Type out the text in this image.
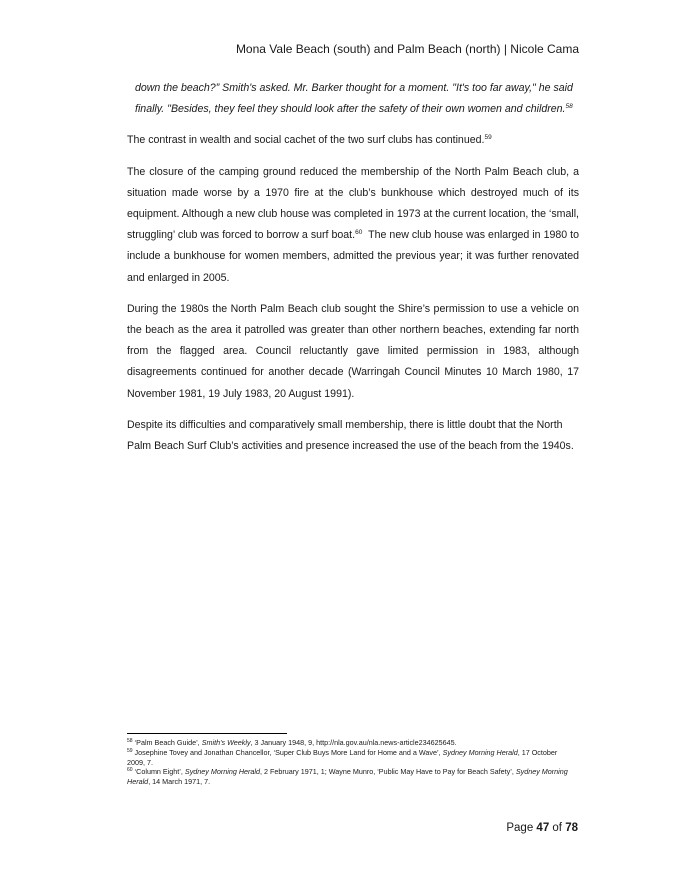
Mona Vale Beach (south) and Palm Beach (north) | Nicole Cama

down the beach?” Smith's asked. Mr. Barker thought for a moment. "It's too far away," he said finally. "Besides, they feel they should look after the safety of their own women and children.$^{58}$

The contrast in wealth and social cachet of the two surf clubs has continued.$^{59}$

The closure of the camping ground reduced the membership of the North Palm Beach club, a situation made worse by a 1970 fire at the club’s bunkhouse which destroyed much of its equipment. Although a new club house was completed in 1973 at the current location, the ‘small, struggling’ club was forced to borrow a surf boat.$^{60}$  The new club house was enlarged in 1980 to include a bunkhouse for women members, admitted the previous year; it was further renovated and enlarged in 2005.

During the 1980s the North Palm Beach club sought the Shire’s permission to use a vehicle on the beach as the area it patrolled was greater than other northern beaches, extending far north from the flagged area. Council reluctantly gave limited permission in 1983, although disagreements continued for another decade (Warringah Council Minutes 10 March 1980, 17 November 1981, 19 July 1983, 20 August 1991).

Despite its difficulties and comparatively small membership, there is little doubt that the North Palm Beach Surf Club’s activities and presence increased the use of the beach from the 1940s.

$^{58}$ ‘Palm Beach Guide’, Smith’s Weekly, 3 January 1948, 9, http://nla.gov.au/nla.news-article234625645.

$^{59}$ Josephine Tovey and Jonathan Chancellor, ‘Super Club Buys More Land for Home and a Wave’, Sydney Morning Herald, 17 October 2009, 7.

$^{60}$ ‘Column Eight’, Sydney Morning Herald, 2 February 1971, 1; Wayne Munro, ‘Public May Have to Pay for Beach Safety’, Sydney Morning Herald, 14 March 1971, 7.

Page 47 of 78
